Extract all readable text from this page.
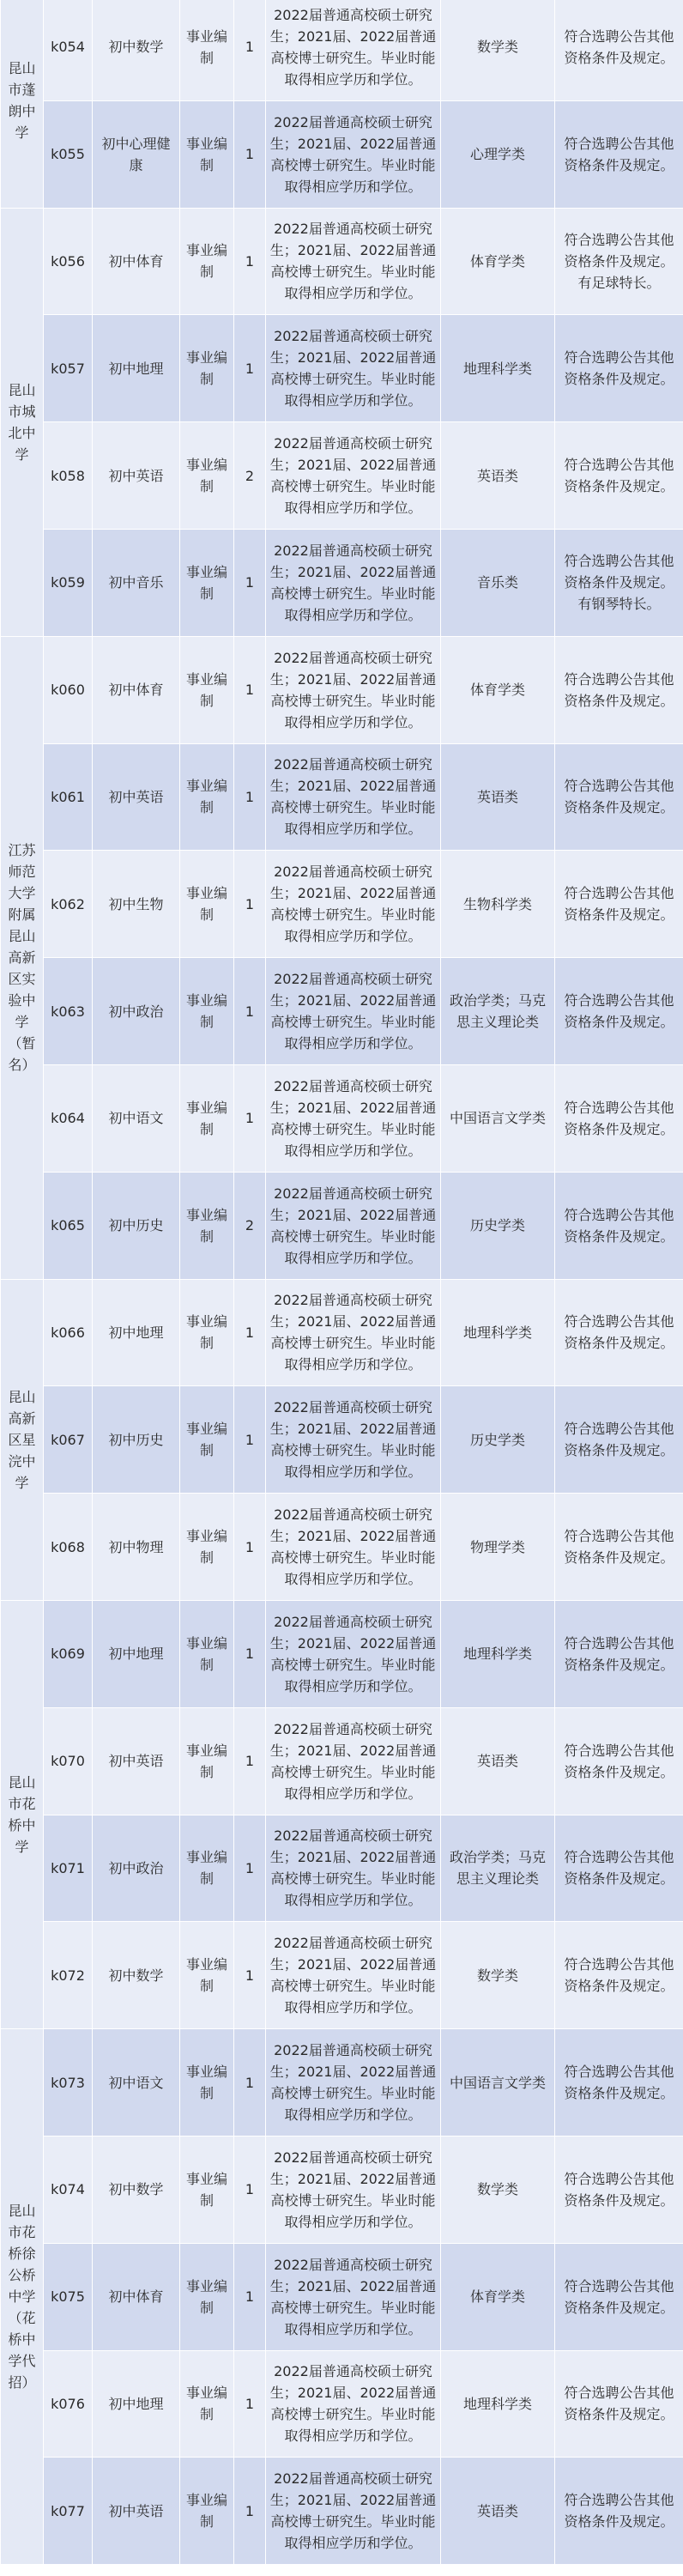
昆山市蓬朗中学	k054	初中数学	事业编制	1	2022届普通高校硕士研究生；2021届、2022届普通高校博士研究生。毕业时能取得相应学历和学位。	数学类	符合选聘公告其他资格条件及规定。
	k055	初中心理健康	事业编制	1	2022届普通高校硕士研究生；2021届、2022届普通高校博士研究生。毕业时能取得相应学历和学位。	心理学类	符合选聘公告其他资格条件及规定。
昆山市城北中学	k056	初中体育	事业编制	1	2022届普通高校硕士研究生；2021届、2022届普通高校博士研究生。毕业时能取得相应学历和学位。	体育学类	符合选聘公告其他资格条件及规定。有足球特长。
	k057	初中地理	事业编制	1	2022届普通高校硕士研究生；2021届、2022届普通高校博士研究生。毕业时能取得相应学历和学位。	地理科学类	符合选聘公告其他资格条件及规定。
	k058	初中英语	事业编制	2	2022届普通高校硕士研究生；2021届、2022届普通高校博士研究生。毕业时能取得相应学历和学位。	英语类	符合选聘公告其他资格条件及规定。
	k059	初中音乐	事业编制	1	2022届普通高校硕士研究生；2021届、2022届普通高校博士研究生。毕业时能取得相应学历和学位。	音乐类	符合选聘公告其他资格条件及规定。有钢琴特长。
江苏师范大学附属昆山高新区实验中学（暂名）	k060	初中体育	事业编制	1	2022届普通高校硕士研究生；2021届、2022届普通高校博士研究生。毕业时能取得相应学历和学位。	体育学类	符合选聘公告其他资格条件及规定。
	k061	初中英语	事业编制	1	2022届普通高校硕士研究生；2021届、2022届普通高校博士研究生。毕业时能取得相应学历和学位。	英语类	符合选聘公告其他资格条件及规定。
	k062	初中生物	事业编制	1	2022届普通高校硕士研究生；2021届、2022届普通高校博士研究生。毕业时能取得相应学历和学位。	生物科学类	符合选聘公告其他资格条件及规定。
	k063	初中政治	事业编制	1	2022届普通高校硕士研究生；2021届、2022届普通高校博士研究生。毕业时能取得相应学历和学位。	政治学类；马克思主义理论类	符合选聘公告其他资格条件及规定。
	k064	初中语文	事业编制	1	2022届普通高校硕士研究生；2021届、2022届普通高校博士研究生。毕业时能取得相应学历和学位。	中国语言文学类	符合选聘公告其他资格条件及规定。
	k065	初中历史	事业编制	2	2022届普通高校硕士研究生；2021届、2022届普通高校博士研究生。毕业时能取得相应学历和学位。	历史学类	符合选聘公告其他资格条件及规定。
昆山高新区星浣中学	k066	初中地理	事业编制	1	2022届普通高校硕士研究生；2021届、2022届普通高校博士研究生。毕业时能取得相应学历和学位。	地理科学类	符合选聘公告其他资格条件及规定。
	k067	初中历史	事业编制	1	2022届普通高校硕士研究生；2021届、2022届普通高校博士研究生。毕业时能取得相应学历和学位。	历史学类	符合选聘公告其他资格条件及规定。
	k068	初中物理	事业编制	1	2022届普通高校硕士研究生；2021届、2022届普通高校博士研究生。毕业时能取得相应学历和学位。	物理学类	符合选聘公告其他资格条件及规定。
昆山市花桥中学	k069	初中地理	事业编制	1	2022届普通高校硕士研究生；2021届、2022届普通高校博士研究生。毕业时能取得相应学历和学位。	地理科学类	符合选聘公告其他资格条件及规定。
	k070	初中英语	事业编制	1	2022届普通高校硕士研究生；2021届、2022届普通高校博士研究生。毕业时能取得相应学历和学位。	英语类	符合选聘公告其他资格条件及规定。
	k071	初中政治	事业编制	1	2022届普通高校硕士研究生；2021届、2022届普通高校博士研究生。毕业时能取得相应学历和学位。	政治学类；马克思主义理论类	符合选聘公告其他资格条件及规定。
	k072	初中数学	事业编制	1	2022届普通高校硕士研究生；2021届、2022届普通高校博士研究生。毕业时能取得相应学历和学位。	数学类	符合选聘公告其他资格条件及规定。
昆山市花桥徐公桥中学（花桥中学代招）	k073	初中语文	事业编制	1	2022届普通高校硕士研究生；2021届、2022届普通高校博士研究生。毕业时能取得相应学历和学位。	中国语言文学类	符合选聘公告其他资格条件及规定。
	k074	初中数学	事业编制	1	2022届普通高校硕士研究生；2021届、2022届普通高校博士研究生。毕业时能取得相应学历和学位。	数学类	符合选聘公告其他资格条件及规定。
	k075	初中体育	事业编制	1	2022届普通高校硕士研究生；2021届、2022届普通高校博士研究生。毕业时能取得相应学历和学位。	体育学类	符合选聘公告其他资格条件及规定。
	k076	初中地理	事业编制	1	2022届普通高校硕士研究生；2021届、2022届普通高校博士研究生。毕业时能取得相应学历和学位。	地理科学类	符合选聘公告其他资格条件及规定。
	k077	初中英语	事业编制	1	2022届普通高校硕士研究生；2021届、2022届普通高校博士研究生。毕业时能取得相应学历和学位。	英语类	符合选聘公告其他资格条件及规定。
